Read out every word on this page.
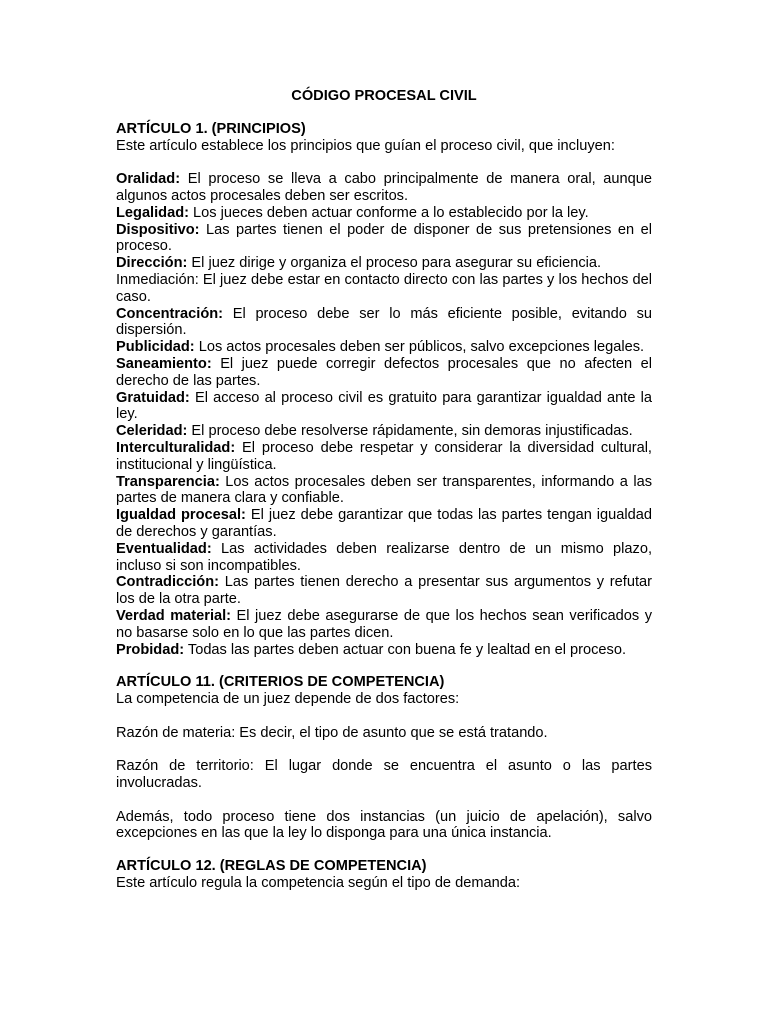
CÓDIGO PROCESAL CIVIL

ARTÍCULO 1. (PRINCIPIOS)

Este artículo establece los principios que guían el proceso civil, que incluyen:

Oralidad: El proceso se lleva a cabo principalmente de manera oral, aunque algunos actos procesales deben ser escritos.

Legalidad: Los jueces deben actuar conforme a lo establecido por la ley.

Dispositivo: Las partes tienen el poder de disponer de sus pretensiones en el proceso.

Dirección: El juez dirige y organiza el proceso para asegurar su eficiencia.

Inmediación: El juez debe estar en contacto directo con las partes y los hechos del caso.

Concentración: El proceso debe ser lo más eficiente posible, evitando su dispersión.

Publicidad: Los actos procesales deben ser públicos, salvo excepciones legales.

Saneamiento: El juez puede corregir defectos procesales que no afecten el derecho de las partes.

Gratuidad: El acceso al proceso civil es gratuito para garantizar igualdad ante la ley.

Celeridad: El proceso debe resolverse rápidamente, sin demoras injustificadas.

Interculturalidad: El proceso debe respetar y considerar la diversidad cultural, institucional y lingüística.

Transparencia: Los actos procesales deben ser transparentes, informando a las partes de manera clara y confiable.

Igualdad procesal: El juez debe garantizar que todas las partes tengan igualdad de derechos y garantías.

Eventualidad: Las actividades deben realizarse dentro de un mismo plazo, incluso si son incompatibles.

Contradicción: Las partes tienen derecho a presentar sus argumentos y refutar los de la otra parte.

Verdad material: El juez debe asegurarse de que los hechos sean verificados y no basarse solo en lo que las partes dicen.

Probidad: Todas las partes deben actuar con buena fe y lealtad en el proceso.

ARTÍCULO 11. (CRITERIOS DE COMPETENCIA)

La competencia de un juez depende de dos factores:

Razón de materia: Es decir, el tipo de asunto que se está tratando.

Razón de territorio: El lugar donde se encuentra el asunto o las partes involucradas.

Además, todo proceso tiene dos instancias (un juicio de apelación), salvo excepciones en las que la ley lo disponga para una única instancia.

ARTÍCULO 12. (REGLAS DE COMPETENCIA)

Este artículo regula la competencia según el tipo de demanda:
